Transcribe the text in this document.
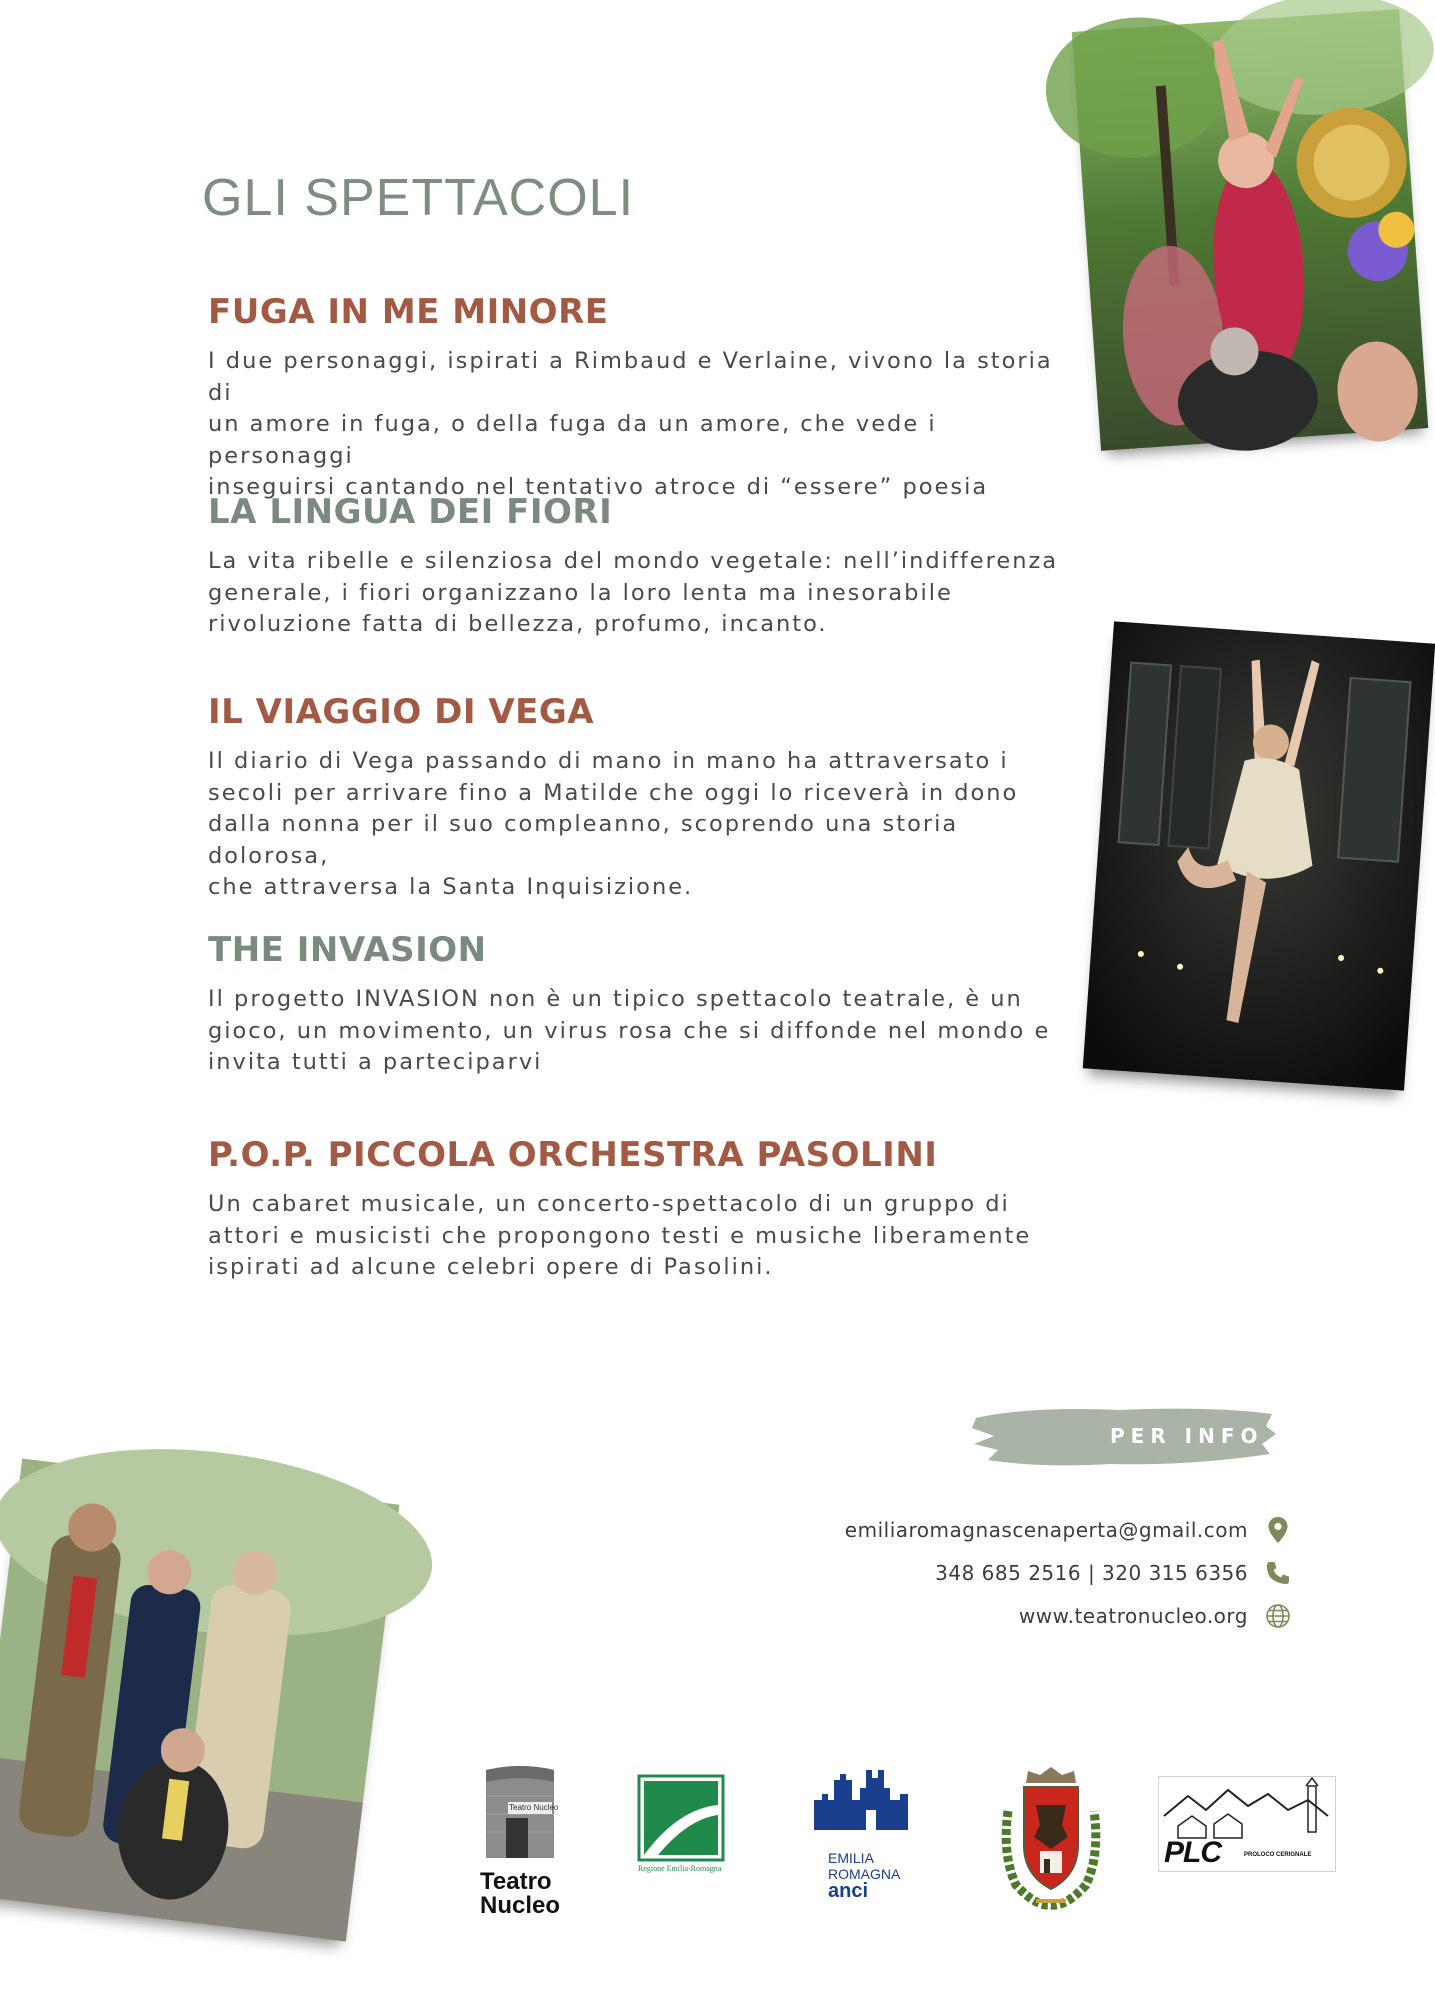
GLI SPETTACOLI
FUGA IN ME MINORE

I due personaggi, ispirati a Rimbaud e Verlaine, vivono la storia di
un amore in fuga, o della fuga da un amore, che vede i personaggi
inseguirsi cantando nel tentativo atroce di “essere” poesia

LA LINGUA DEI FIORI

La vita ribelle e silenziosa del mondo vegetale: nell’indifferenza
generale, i fiori organizzano la loro lenta ma inesorabile
rivoluzione fatta di bellezza, profumo, incanto.

IL VIAGGIO DI VEGA

Il diario di Vega passando di mano in mano ha attraversato i
secoli per arrivare fino a Matilde che oggi lo riceverà in dono
dalla nonna per il suo compleanno, scoprendo una storia dolorosa,
che attraversa la Santa Inquisizione.

THE INVASION

Il progetto INVASION non è un tipico spettacolo teatrale, è un
gioco, un movimento, un virus rosa che si diffonde nel mondo e
invita tutti a parteciparvi

P.O.P. PICCOLA ORCHESTRA PASOLINI

Un cabaret musicale, un concerto-spettacolo di un gruppo di
attori e musicisti che propongono testi e musiche liberamente
ispirati ad alcune celebri opere di Pasolini.

PER INFO
emiliaromagnascenaperta@gmail.com
348 685 2516 | 320 315 6356
www.teatronucleo.org
Teatro Nucleo
Teatro
Nucleo
Regione Emilia-Romagna
EMILIA
ROMAGNA
anci
PLC	PROLOCO CERIGNALE
